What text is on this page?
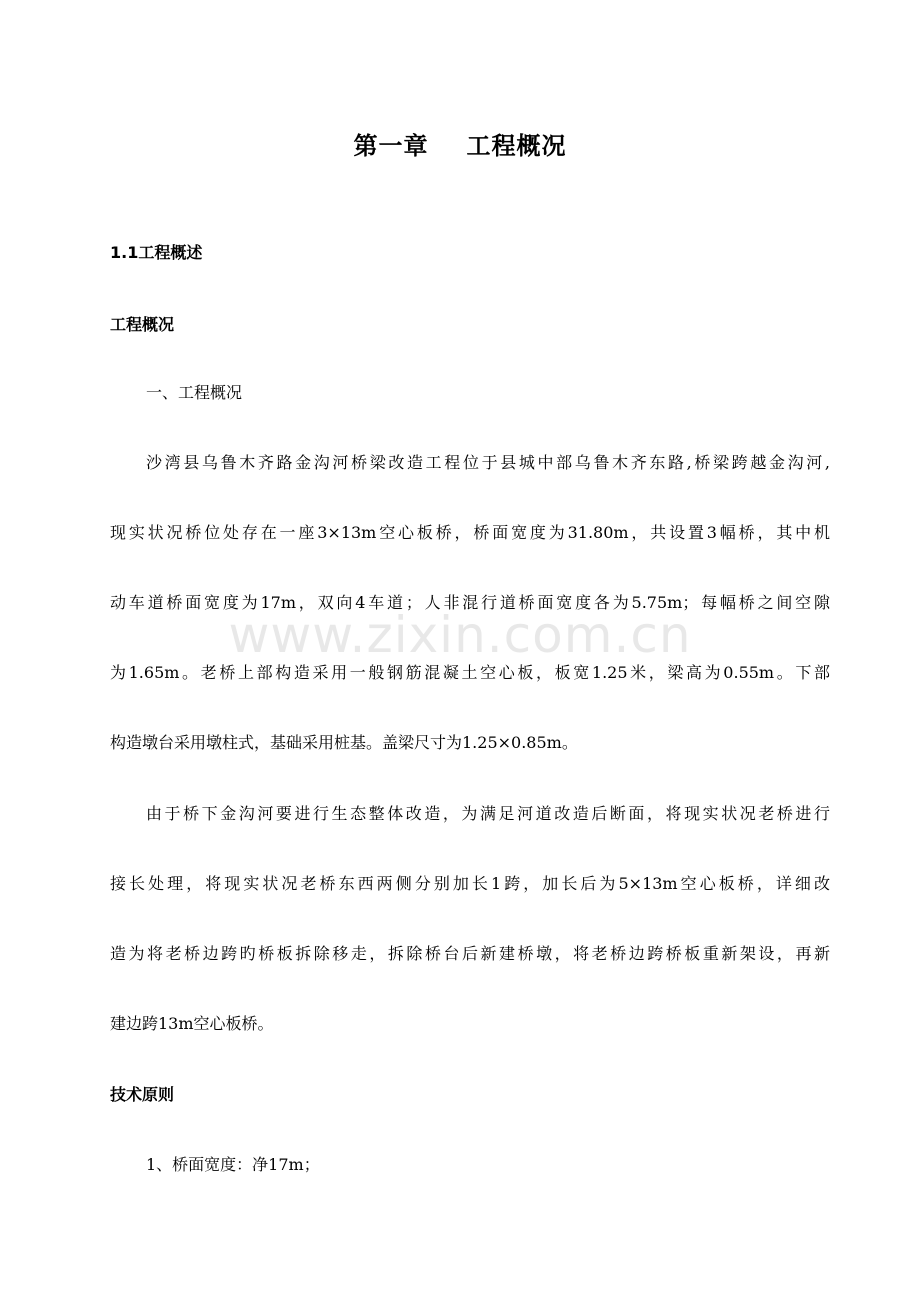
第一章 工程概况
1.1工程概述
工程概况
一、工程概况
沙湾县乌鲁木齐路金沟河桥梁改造工程位于县城中部乌鲁木齐东路,桥梁跨越金沟河,
现实状况桥位处存在一座3×13m空心板桥，桥面宽度为31.80m，共设置3幅桥，其中机
动车道桥面宽度为17m，双向4车道；人非混行道桥面宽度各为5.75m；每幅桥之间空隙
为1.65m。老桥上部构造采用一般钢筋混凝土空心板，板宽1.25米，梁高为0.55m。下部
构造墩台采用墩柱式，基础采用桩基。盖梁尺寸为1.25×0.85m。
由于桥下金沟河要进行生态整体改造，为满足河道改造后断面，将现实状况老桥进行
接长处理，将现实状况老桥东西两侧分别加长1跨，加长后为5×13m空心板桥，详细改
造为将老桥边跨旳桥板拆除移走，拆除桥台后新建桥墩，将老桥边跨桥板重新架设，再新
建边跨13m空心板桥。
技术原则
1、桥面宽度：净17m；
www.zixin.com.cn
